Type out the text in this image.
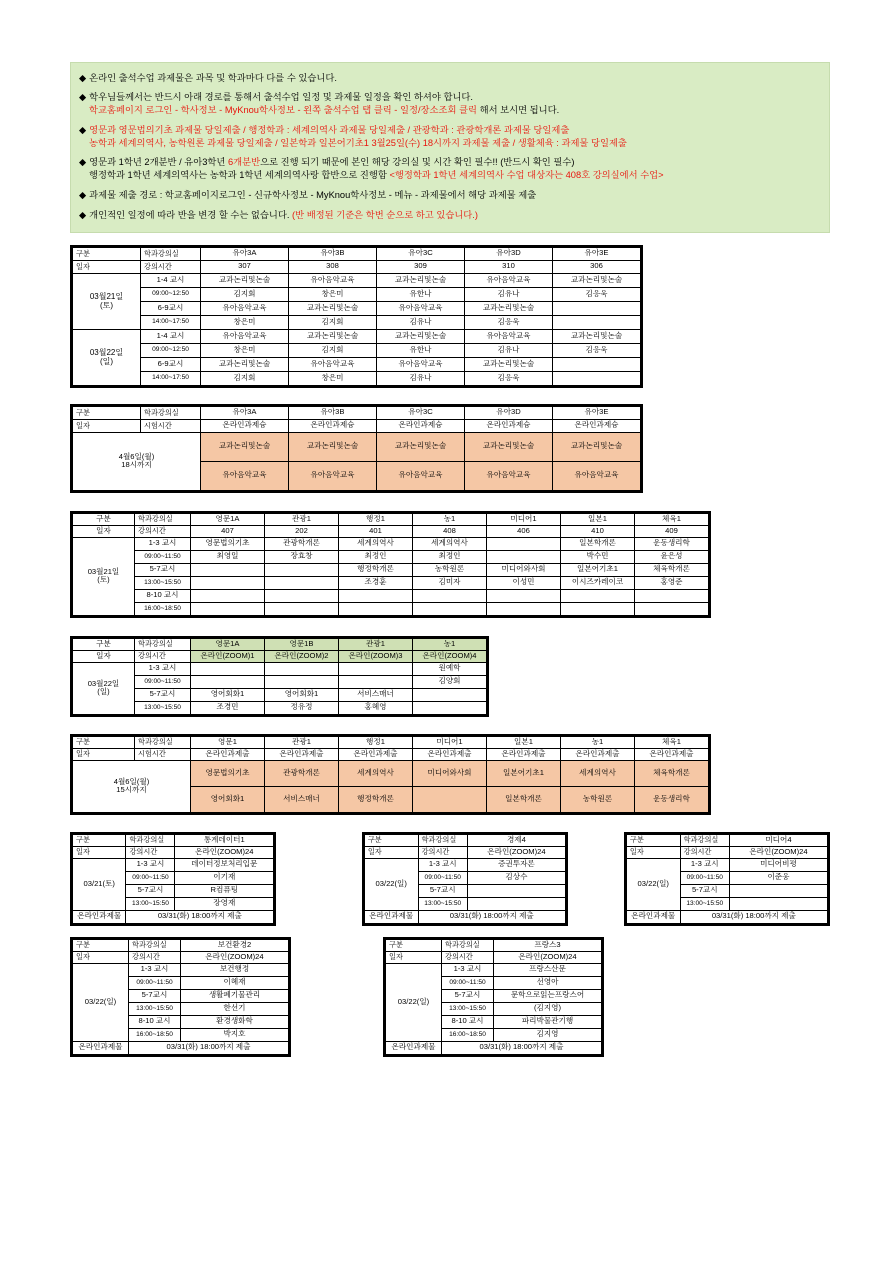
◆ 온라인 출석수업 과제물은 과목 및 학과마다 다를 수 있습니다.

◆ 학우님들께서는 반드시 아래 경로를 통해서 출석수업 일정 및 과제물 일정을 확인 하셔야 합니다.

학교홈페이지 로그인 - 학사정보 - MyKnou학사정보 - 왼쪽 출석수업 탭 클릭 - 일정/장소조회 클릭 해서 보시면 됩니다.

◆ 영문과 영문법의기초 과제물 당일제출 / 행정학과 : 세계의역사 과제물 당일제출 / 관광학과 : 관광학개론 과제물 당일제출

농학과 세계의역사, 농학원론 과제물 당일제출 / 일본학과 일본어기초1 3월25일(수) 18시까지 과제물 제출 / 생활체육 : 과제물 당일제출

◆ 영문과 1학년 2개분반 / 유아3학년 6개분반으로 진행 되기 때문에 본인 해당 강의실 및 시간 확인 필수!! (반드시 확인 필수)

행정학과 1학년 세계의역사는 농학과 1학년 세계의역사랑 합반으로 진행함 <행정학과 1학년 세계의역사 수업 대상자는 408호 강의실에서 수업>

◆ 과제물 제출 경로 : 학교홈페이지로그인 - 신규학사정보 - MyKnou학사정보 - 메뉴 - 과제물에서 해당 과제물 제출

◆ 개인적인 일정에 따라 반을 변경 할 수는 없습니다. (반 배정된 기준은 학번 순으로 하고 있습니다.)

구분	학과강의실	유아3A	유아3B	유아3C	유아3D	유아3E
일자	강의시간	307	308	309	310	306

03월21일
(토)	1-4 교시	교과논리및논술	유아음악교육	교과논리및논술	유아음악교육	교과논리및논술
	09:00~12:50	김지회	창은미	유한나	김유나	김응욱
	6-9교시	유아음악교육	교과논리및논술	유아음악교육	교과논리및논술	
	14:00~17:50	창은미	김지회	김유나	김응욱	

03월22일
(일)	1-4 교시	유아음악교육	교과논리및논술	교과논리및논술	유아음악교육	교과논리및논술
	09:00~12:50	창은미	김지회	유한나	김유나	김응욱
	6-9교시	교과논리및논술	유아음악교육	유아음악교육	교과논리및논술	
	14:00~17:50	김지회	창은미	김유나	김응욱	
구분	학과강의실	유아3A	유아3B	유아3C	유아3D	유아3E
일자	시험시간	온라인과제슝	온라인과제슝	온라인과제슝	온라인과제슝	온라인과제슝

4월6일(월)
18시까지		교과논리및논술	교과논리및논술	교과논리및논술	교과논리및논술	교과논리및논술
		유아음악교육	유아음악교육	유아음악교육	유아음악교육	유아음악교육
구분	학과강의실	영문1A	관광1	행정1	농1	미디어1	일본1	체육1
일자	강의시간	407	202	401	408	406	410	409

03월21일
(토)	1-3 교시	영문법의기초	관광학개론	세계의역사	세계의역사		일본학개론	운동생리학
	09:00~11:50	최영일	장효창	최정인	최정인		박수민	윤은성
	5-7교시			행정학개론	농학원론	미디어와사회	일본어기초1	체육학개론
	13:00~15:50			조경훈	김미자	이성민	이시즈카레이코	홍영준
	8-10 교시							
	16:00~18:50							
구분	학과강의실	영문1A	영문1B	관광1	농1
일자	강의시간	온라인(ZOOM)1	온라인(ZOOM)2	온라인(ZOOM)3	온라인(ZOOM)4

03월22일
(일)	1-3 교시				원예학
	09:00~11:50				김양회
	5-7교시	영어회화1	영어회화1	서비스매너	
	13:00~15:50	조경민	정유정	홍혜영	
구분	학과강의실	영문1	관광1	행정1	미디어1	일본1	농1	체육1
일자	시험시간	온라인과제출	온라인과제출	온라인과제출	온라인과제출	온라인과제출	온라인과제출	온라인과제출

4월6일(월)
15시까지		영문법의기초	관광학개론	세계의역사	미디어와사회	일본어기초1	세계의역사	체육학개론
		영어회화1	서비스매너	행정학개론		일본학개론	농학원론	운동생리학
구분	학과강의실	통계데이터1
일자	강의시간	온라인(ZOOM)24
03/21(토)	1-3 교시	데이터정보처리입문
	09:00~11:50	이기재
	5-7교시	R컴퓨팅
	13:00~15:50	장영재
온라인과제물	03/31(화) 18:00까지 제출	
구분	학과강의실	경제4
일자	강의시간	온라인(ZOOM)24
03/22(일)	1-3 교시	증권투자론
	09:00~11:50	김상수
	5-7교시	
	13:00~15:50	
온라인과제물	03/31(화) 18:00까지 제출	
구분	학과강의실	미디어4
일자	강의시간	온라인(ZOOM)24
03/22(일)	1-3 교시	미디어비평
	09:00~11:50	이준웅
	5-7교시	
	13:00~15:50	
온라인과제물	03/31(화) 18:00까지 제출	
구분	학과강의실	보건환경2
일자	강의시간	온라인(ZOOM)24
03/22(일)	1-3 교시	보건행정
	09:00~11:50	이혜재
	5-7교시	생활폐기물관리
	13:00~15:50	한선기
	8-10 교시	환경생화학
	16:00~18:50	박지호
온라인과제물	03/31(화) 18:00까지 제출	
구분	학과강의실	프랑스3
일자	강의시간	온라인(ZOOM)24
03/22(일)	1-3 교시	프랑스산문
	09:00~11:50	선영아
	5-7교시	문학으로읽는프랑스어
	13:00~15:50	(김지영)
	8-10 교시	파리박물관기행
	16:00~18:50	김지영
온라인과제물	03/31(화) 18:00까지 제출	
